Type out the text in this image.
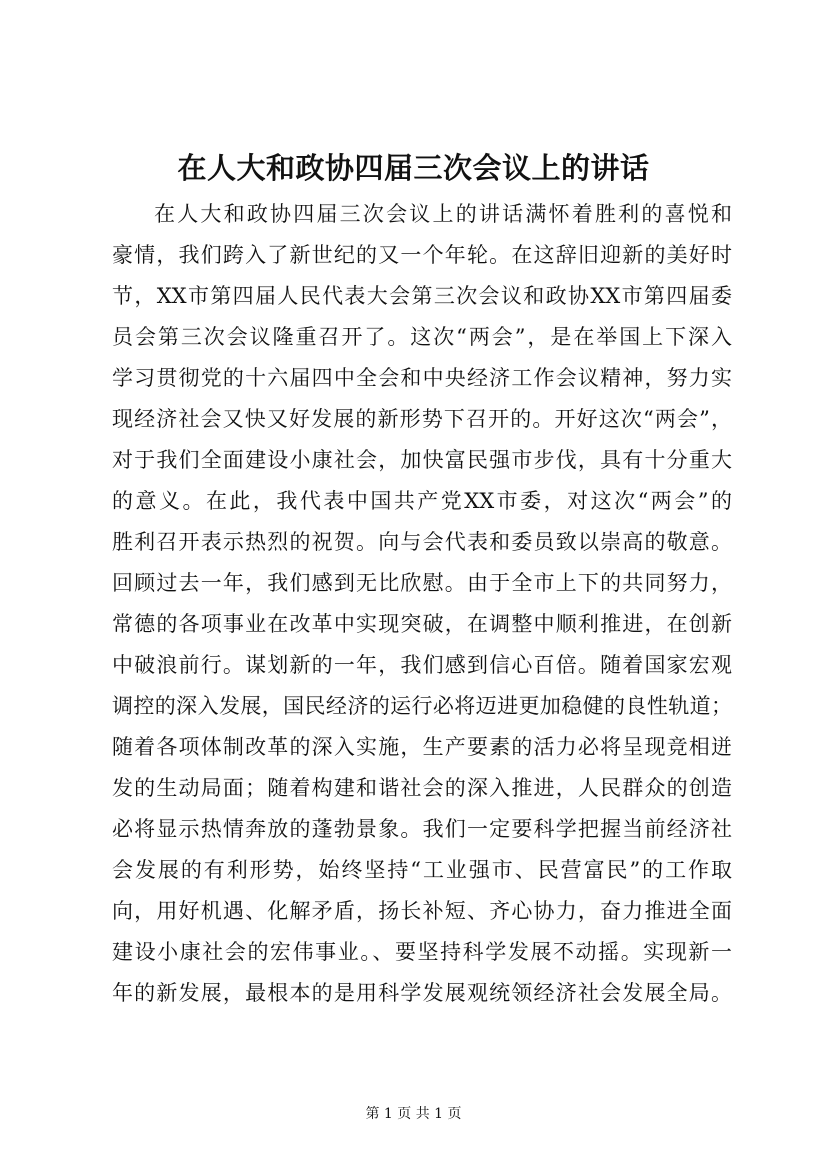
在人大和政协四届三次会议上的讲话
在人大和政协四届三次会议上的讲话满怀着胜利的喜悦和
豪情，我们跨入了新世纪的又一个年轮。在这辞旧迎新的美好时
节，XX市第四届人民代表大会第三次会议和政协XX市第四届委
员会第三次会议隆重召开了。这次“两会”，是在举国上下深入
学习贯彻党的十六届四中全会和中央经济工作会议精神，努力实
现经济社会又快又好发展的新形势下召开的。开好这次“两会”，
对于我们全面建设小康社会，加快富民强市步伐，具有十分重大
的意义。在此，我代表中国共产党XX市委，对这次“两会”的
胜利召开表示热烈的祝贺。向与会代表和委员致以崇高的敬意。
回顾过去一年，我们感到无比欣慰。由于全市上下的共同努力，
常德的各项事业在改革中实现突破，在调整中顺利推进，在创新
中破浪前行。谋划新的一年，我们感到信心百倍。随着国家宏观
调控的深入发展，国民经济的运行必将迈进更加稳健的良性轨道；
随着各项体制改革的深入实施，生产要素的活力必将呈现竞相迸
发的生动局面；随着构建和谐社会的深入推进，人民群众的创造
必将显示热情奔放的蓬勃景象。我们一定要科学把握当前经济社
会发展的有利形势，始终坚持“工业强市、民营富民”的工作取
向，用好机遇、化解矛盾，扬长补短、齐心协力，奋力推进全面
建设小康社会的宏伟事业。、要坚持科学发展不动摇。实现新一
年的新发展，最根本的是用科学发展观统领经济社会发展全局。
第 1 页 共 1 页
